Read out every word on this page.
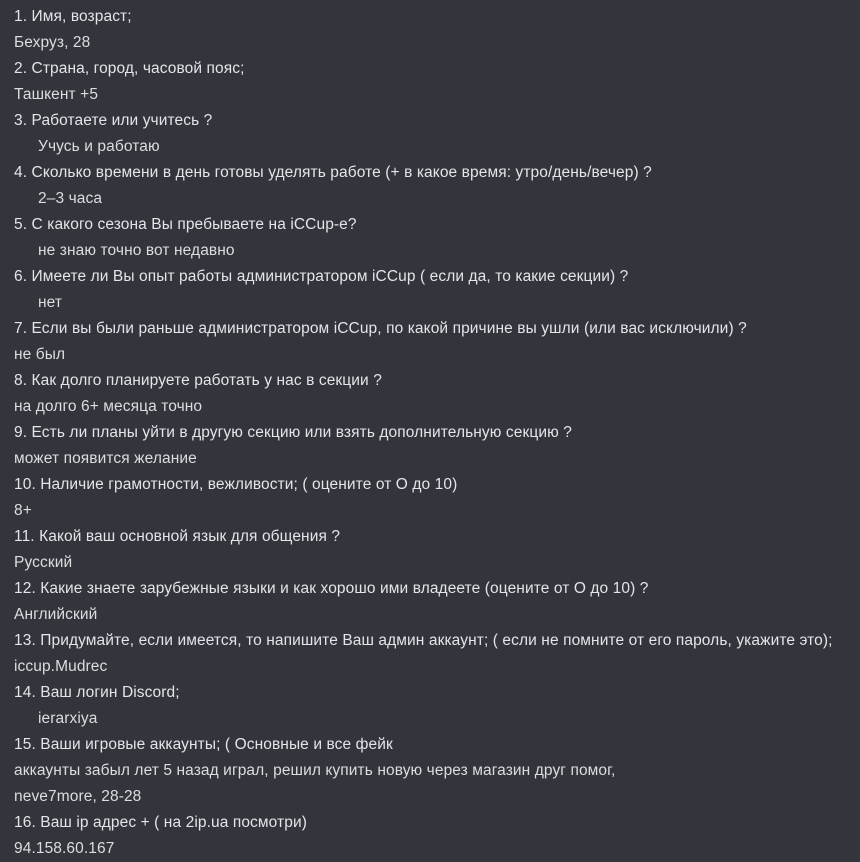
1. Имя, возраст;
Бехруз, 28
2. Страна, город, часовой пояс;
Ташкент +5
3. Работаете или учитесь ?
Учусь и работаю
4. Сколько времени в день готовы уделять работе (+ в какое время: утро/день/вечер) ?
2–3 часа
5. С какого сезона Вы пребываете на iCCup-е?
не знаю точно вот недавно
6. Имеете ли Вы опыт работы администратором iCCup ( если да, то какие секции) ?
нет
7. Если вы были раньше администратором iCCup, по какой причине вы ушли (или вас исключили) ?
не был
8. Как долго планируете работать у нас в секции ?
на долго 6+ месяца точно
9. Есть ли планы уйти в другую секцию или взять дополнительную секцию ?
может появится желание
10. Наличие грамотности, вежливости; ( оцените от О до 10)
8+
11. Какой ваш основной язык для общения ?
Русский
12. Какие знаете зарубежные языки и как хорошо ими владеете (оцените от О до 10) ?
Английский
13. Придумайте, если имеется, то напишите Ваш админ аккаунт; ( если не помните от его пароль, укажите это);
iccup.Mudrec
14. Ваш логин Discord;
ierarxiya
15. Ваши игровые аккаунты; ( Основные и все фейк
аккаунты забыл лет 5 назад играл, решил купить новую через магазин друг помог,
neve7more, 28-28
16. Ваш ip адрес + ( на 2ip.ua посмотри)
94.158.60.167
